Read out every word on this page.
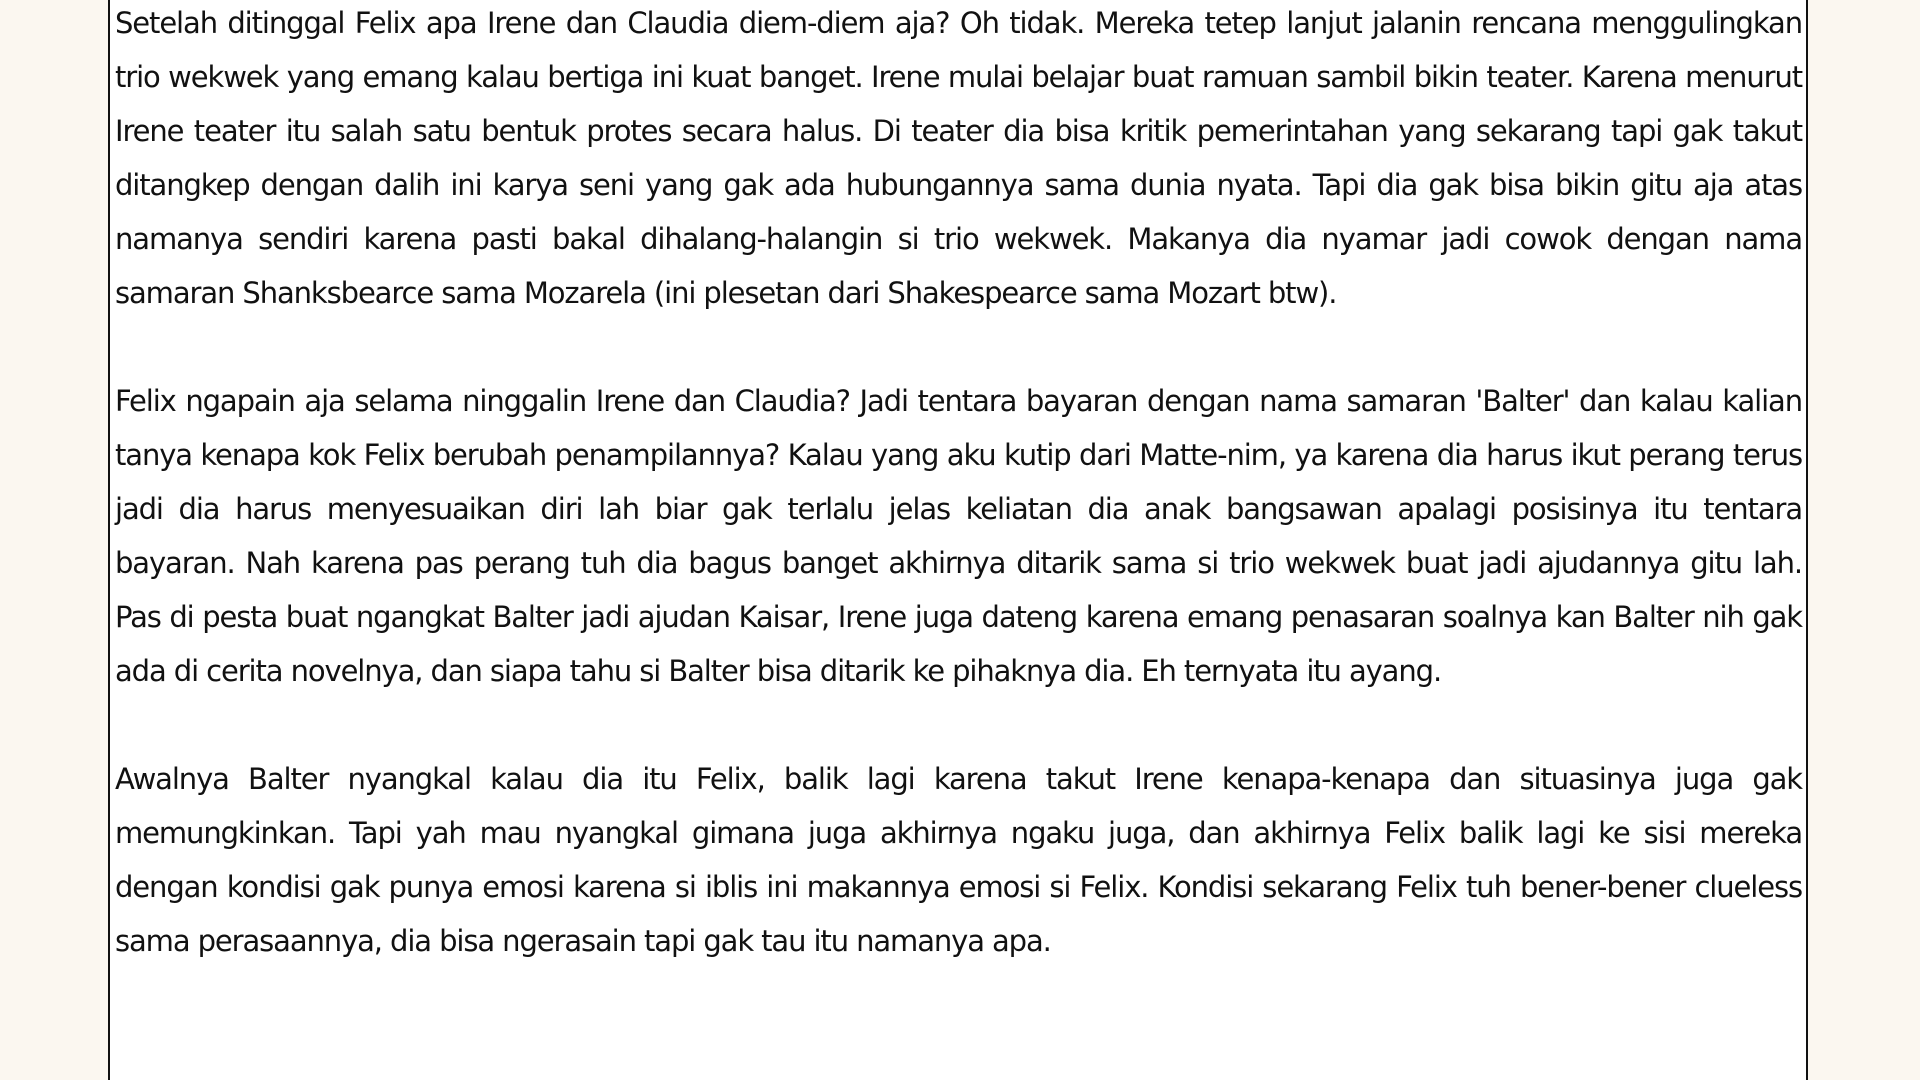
Setelah ditinggal Felix apa Irene dan Claudia diem-diem aja? Oh tidak. Mereka tetep lanjut jalanin rencana menggulingkan trio wekwek yang emang kalau bertiga ini kuat banget. Irene mulai belajar buat ramuan sambil bikin teater. Karena menurut Irene teater itu salah satu bentuk protes secara halus. Di teater dia bisa kritik pemerintahan yang sekarang tapi gak takut ditangkep dengan dalih ini karya seni yang gak ada hubungannya sama dunia nyata. Tapi dia gak bisa bikin gitu aja atas namanya sendiri karena pasti bakal dihalang-halangin si trio wekwek. Makanya dia nyamar jadi cowok dengan nama samaran Shanksbearce sama Mozarela (ini plesetan dari Shakespearce sama Mozart btw).

Felix ngapain aja selama ninggalin Irene dan Claudia? Jadi tentara bayaran dengan nama samaran 'Balter' dan kalau kalian tanya kenapa kok Felix berubah penampilannya? Kalau yang aku kutip dari Matte-nim, ya karena dia harus ikut perang terus jadi dia harus menyesuaikan diri lah biar gak terlalu jelas keliatan dia anak bangsawan apalagi posisinya itu tentara bayaran. Nah karena pas perang tuh dia bagus banget akhirnya ditarik sama si trio wekwek buat jadi ajudannya gitu lah. Pas di pesta buat ngangkat Balter jadi ajudan Kaisar, Irene juga dateng karena emang penasaran soalnya kan Balter nih gak ada di cerita novelnya, dan siapa tahu si Balter bisa ditarik ke pihaknya dia. Eh ternyata itu ayang.

Awalnya Balter nyangkal kalau dia itu Felix, balik lagi karena takut Irene kenapa-kenapa dan situasinya juga gak memungkinkan. Tapi yah mau nyangkal gimana juga akhirnya ngaku juga, dan akhirnya Felix balik lagi ke sisi mereka dengan kondisi gak punya emosi karena si iblis ini makannya emosi si Felix. Kondisi sekarang Felix tuh bener-bener clueless sama perasaannya, dia bisa ngerasain tapi gak tau itu namanya apa.
